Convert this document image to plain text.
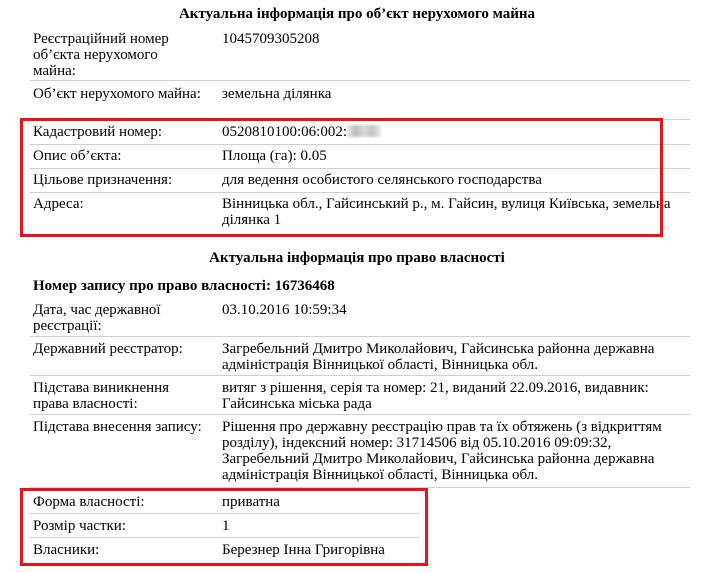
Актуальна інформація про об’єкт нерухомого майна
Реєстраційний номер об’єкта нерухомого майна:
1045709305208
Об’єкт нерухомого майна: земельна ділянка
Кадастровий номер:	0520810100:06:002:
Опис об’єкта:	Площа (га): 0.05
Цільове призначення:	для ведення особистого селянського господарства
Адреса:	Вінницька обл., Гайсинський р., м. Гайсин, вулиця Київська, земельна ділянка 1
Актуальна інформація про право власності
Номер запису про право власності: 16736468
Дата, час державної реєстрації:
03.10.2016 10:59:34
Державний реєстратор:	Загребельний Дмитро Миколайович, Гайсинська районна державна адміністрація Вінницької області, Вінницька обл.
Підстава виникнення права власності:
витяг з рішення, серія та номер: 21, виданий 22.09.2016, видавник: Гайсинська міська рада
Підстава внесення запису: Рішення про державну реєстрацію прав та їх обтяжень (з відкриттям розділу), індексний номер: 31714506 від 05.10.2016 09:09:32, Загребельний Дмитро Миколайович, Гайсинська районна державна адміністрація Вінницької області, Вінницька обл.
Форма власності:	приватна
Розмір частки:	1
Власники:	Березнер Інна Григорівна
